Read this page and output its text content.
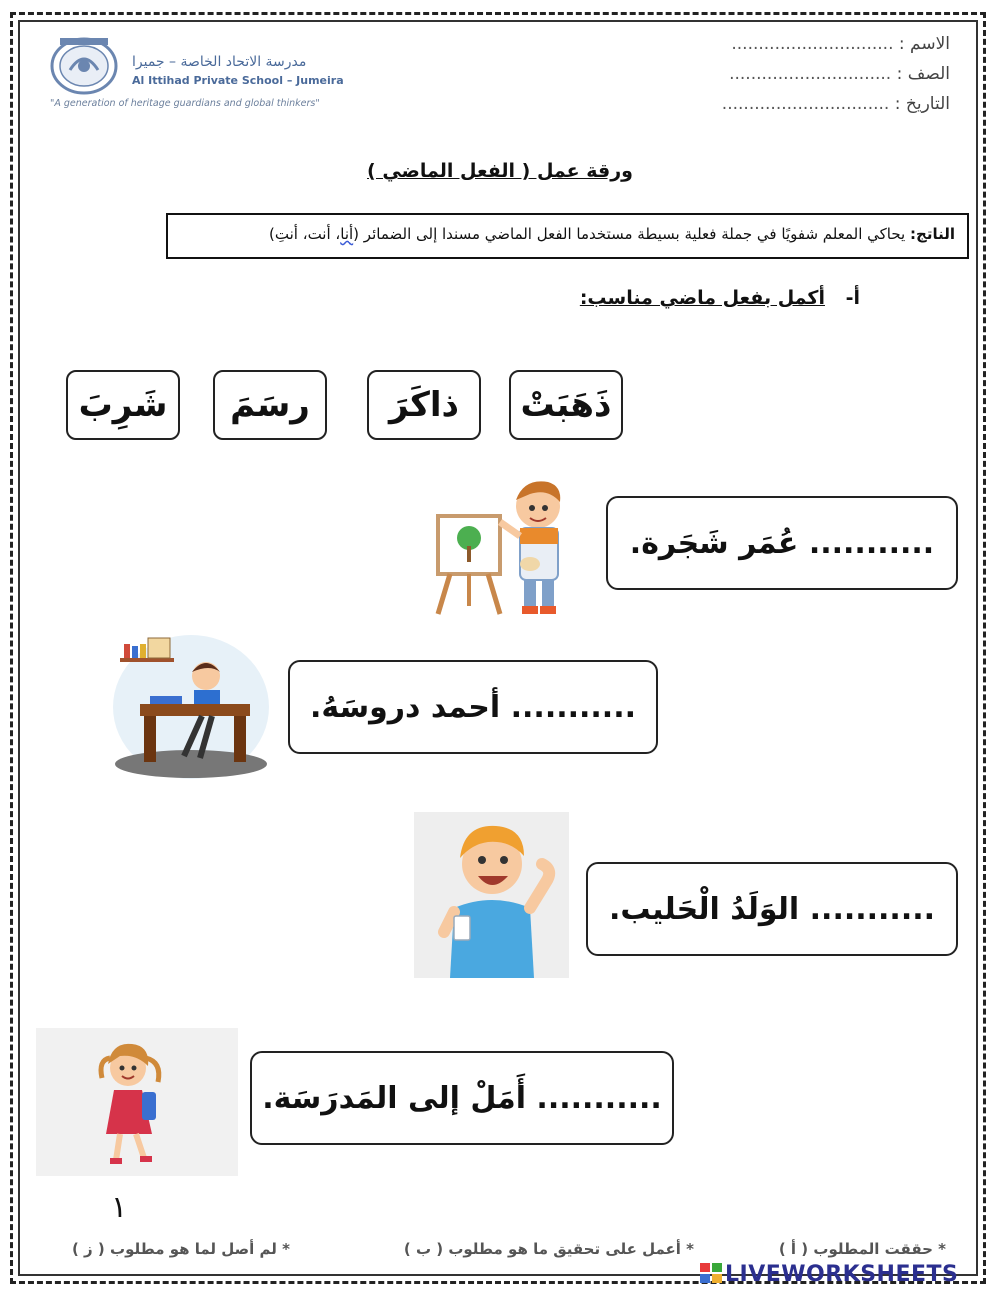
مدرسة الاتحاد الخاصة – جميرا
Al Ittihad Private School – Jumeira
"A generation of heritage guardians and global thinkers"
الاسم : ..............................
الصف : ..............................
التاريخ : ...............................
ورقة عمل ( الفعل الماضي )
الناتج: يحاكي المعلم شفويًا في جملة فعلية بسيطة مستخدما الفعل الماضي مسندا إلى الضمائر (أنا، أنت، أنتِ)
أ- أكمل بفعل ماضي مناسب:
ذَهَبَتْ
ذاكَرَ
رسَمَ
شَرِبَ
........... عُمَر شَجَرة.
........... أحمد دروسَهُ.
........... الوَلَدُ الْحَليب.
........... أَمَلْ إلى المَدرَسَة.
١
* حققت المطلوب ( أ )
* أعمل على تحقيق ما هو مطلوب ( ب )
* لم أصل لما هو مطلوب ( ز )
LIVEWORKSHEETS
